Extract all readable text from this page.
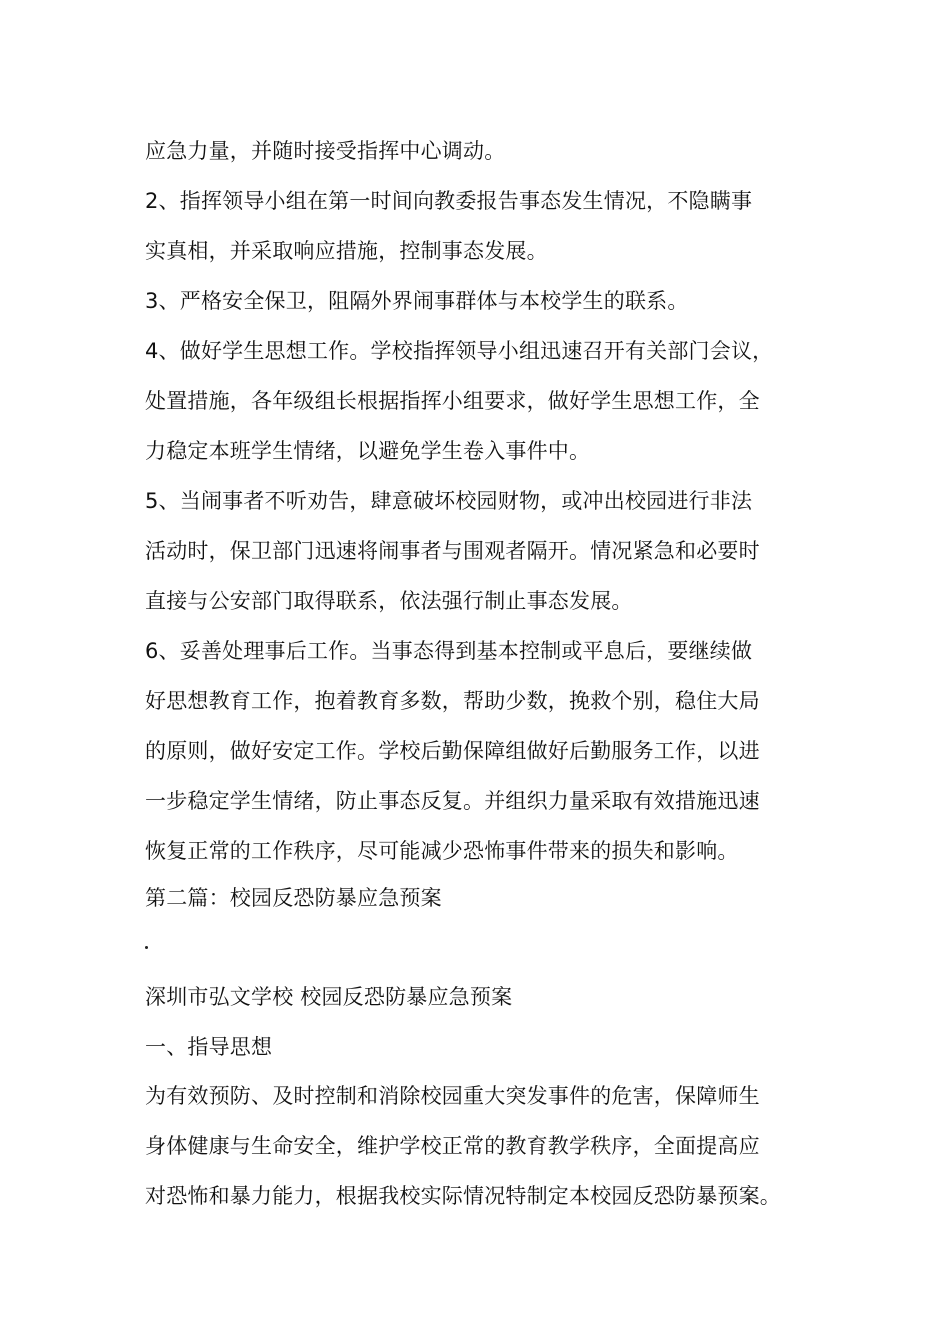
应急力量，并随时接受指挥中心调动。
2、指挥领导小组在第一时间向教委报告事态发生情况，不隐瞒事
实真相，并采取响应措施，控制事态发展。
3、严格安全保卫，阻隔外界闹事群体与本校学生的联系。
4、做好学生思想工作。学校指挥领导小组迅速召开有关部门会议，
处置措施，各年级组长根据指挥小组要求，做好学生思想工作，全
力稳定本班学生情绪，以避免学生卷入事件中。
5、当闹事者不听劝告，肆意破坏校园财物，或冲出校园进行非法
活动时，保卫部门迅速将闹事者与围观者隔开。情况紧急和必要时
直接与公安部门取得联系，依法强行制止事态发展。
6、妥善处理事后工作。当事态得到基本控制或平息后，要继续做
好思想教育工作，抱着教育多数，帮助少数，挽救个别，稳住大局
的原则，做好安定工作。学校后勤保障组做好后勤服务工作，以进
一步稳定学生情绪，防止事态反复。并组织力量采取有效措施迅速
恢复正常的工作秩序，尽可能减少恐怖事件带来的损失和影响。
第二篇：校园反恐防暴应急预案
深圳市弘文学校 校园反恐防暴应急预案
一、指导思想
为有效预防、及时控制和消除校园重大突发事件的危害，保障师生
身体健康与生命安全，维护学校正常的教育教学秩序，全面提高应
对恐怖和暴力能力，根据我校实际情况特制定本校园反恐防暴预案。
